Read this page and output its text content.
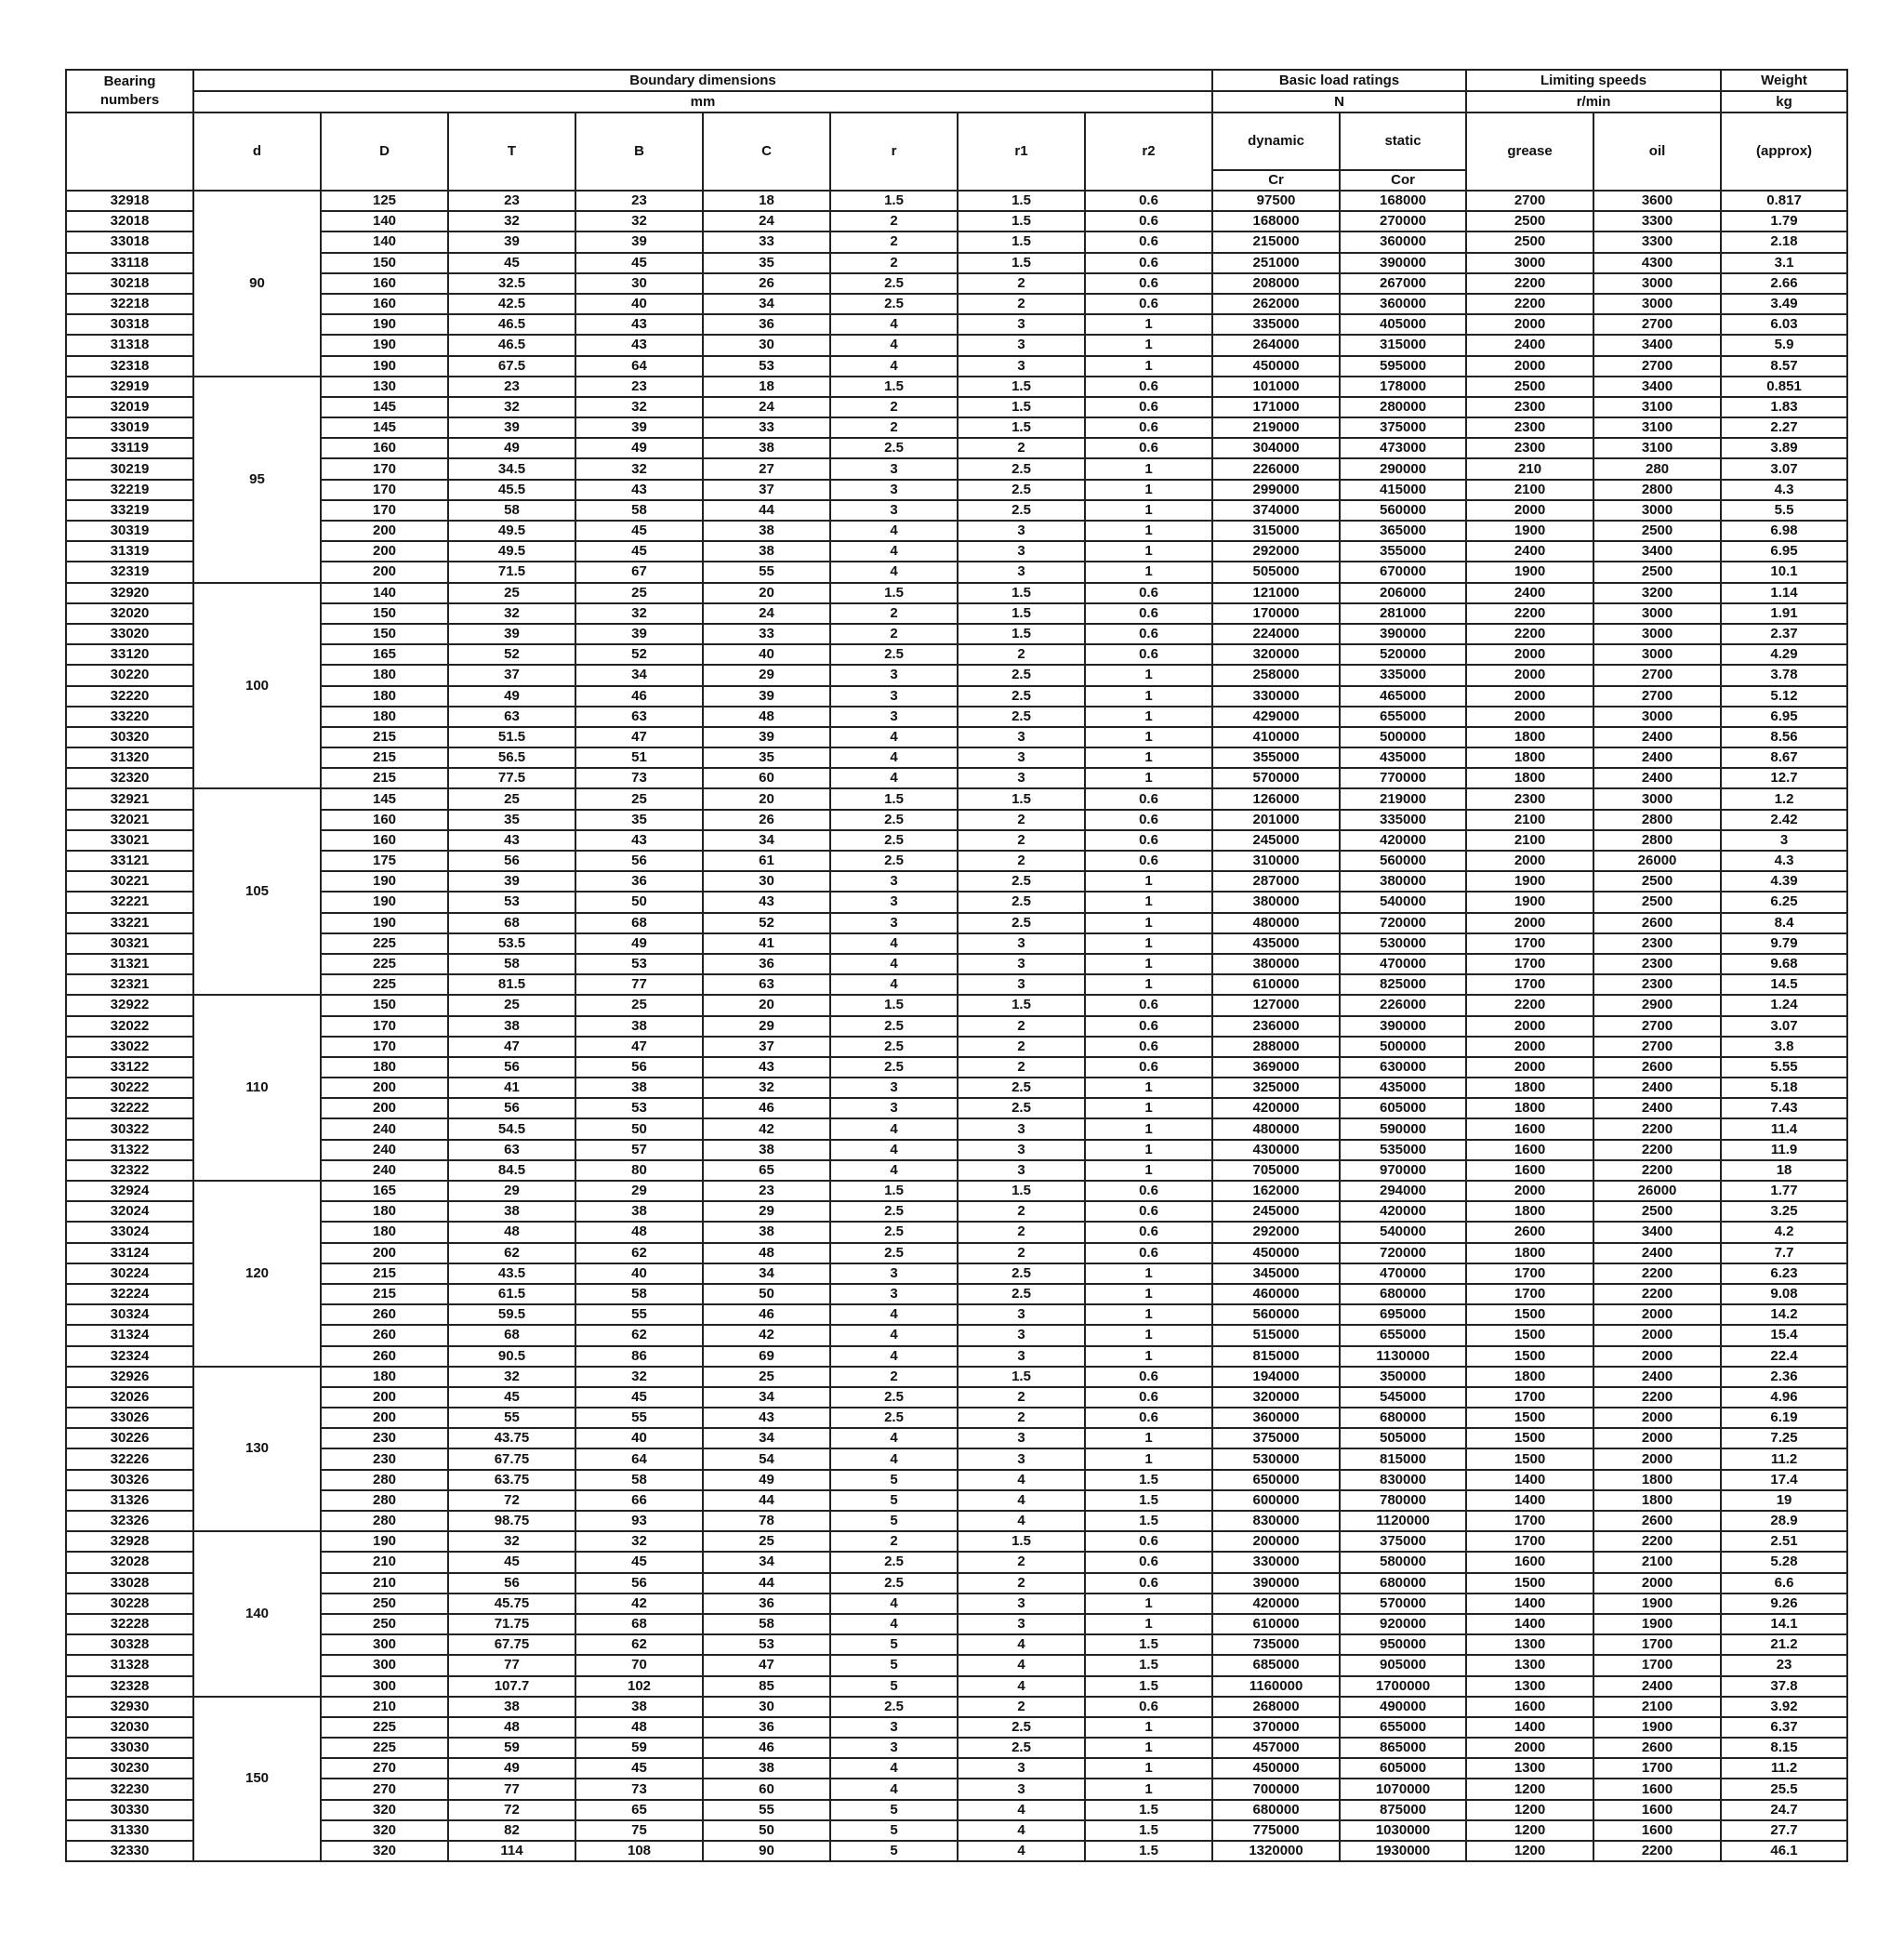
Bearing
numbers	Boundary dimensions								Basic load ratings		Limiting speeds		Weight
	mm								N		r/min		kg
	d	D	T	B	C	r	r1	r2	dynamic	static	grease	oil	(approx)
									Cr	Cor			
32918	90	125	23	23	18	1.5	1.5	0.6	97500	168000	2700	3600	0.817
32018		140	32	32	24	2	1.5	0.6	168000	270000	2500	3300	1.79
33018		140	39	39	33	2	1.5	0.6	215000	360000	2500	3300	2.18
33118		150	45	45	35	2	1.5	0.6	251000	390000	3000	4300	3.1
30218		160	32.5	30	26	2.5	2	0.6	208000	267000	2200	3000	2.66
32218		160	42.5	40	34	2.5	2	0.6	262000	360000	2200	3000	3.49
30318		190	46.5	43	36	4	3	1	335000	405000	2000	2700	6.03
31318		190	46.5	43	30	4	3	1	264000	315000	2400	3400	5.9
32318		190	67.5	64	53	4	3	1	450000	595000	2000	2700	8.57
32919	95	130	23	23	18	1.5	1.5	0.6	101000	178000	2500	3400	0.851
32019		145	32	32	24	2	1.5	0.6	171000	280000	2300	3100	1.83
33019		145	39	39	33	2	1.5	0.6	219000	375000	2300	3100	2.27
33119		160	49	49	38	2.5	2	0.6	304000	473000	2300	3100	3.89
30219		170	34.5	32	27	3	2.5	1	226000	290000	210	280	3.07
32219		170	45.5	43	37	3	2.5	1	299000	415000	2100	2800	4.3
33219		170	58	58	44	3	2.5	1	374000	560000	2000	3000	5.5
30319		200	49.5	45	38	4	3	1	315000	365000	1900	2500	6.98
31319		200	49.5	45	38	4	3	1	292000	355000	2400	3400	6.95
32319		200	71.5	67	55	4	3	1	505000	670000	1900	2500	10.1
32920	100	140	25	25	20	1.5	1.5	0.6	121000	206000	2400	3200	1.14
32020		150	32	32	24	2	1.5	0.6	170000	281000	2200	3000	1.91
33020		150	39	39	33	2	1.5	0.6	224000	390000	2200	3000	2.37
33120		165	52	52	40	2.5	2	0.6	320000	520000	2000	3000	4.29
30220		180	37	34	29	3	2.5	1	258000	335000	2000	2700	3.78
32220		180	49	46	39	3	2.5	1	330000	465000	2000	2700	5.12
33220		180	63	63	48	3	2.5	1	429000	655000	2000	3000	6.95
30320		215	51.5	47	39	4	3	1	410000	500000	1800	2400	8.56
31320		215	56.5	51	35	4	3	1	355000	435000	1800	2400	8.67
32320		215	77.5	73	60	4	3	1	570000	770000	1800	2400	12.7
32921	105	145	25	25	20	1.5	1.5	0.6	126000	219000	2300	3000	1.2
32021		160	35	35	26	2.5	2	0.6	201000	335000	2100	2800	2.42
33021		160	43	43	34	2.5	2	0.6	245000	420000	2100	2800	3
33121		175	56	56	61	2.5	2	0.6	310000	560000	2000	26000	4.3
30221		190	39	36	30	3	2.5	1	287000	380000	1900	2500	4.39
32221		190	53	50	43	3	2.5	1	380000	540000	1900	2500	6.25
33221		190	68	68	52	3	2.5	1	480000	720000	2000	2600	8.4
30321		225	53.5	49	41	4	3	1	435000	530000	1700	2300	9.79
31321		225	58	53	36	4	3	1	380000	470000	1700	2300	9.68
32321		225	81.5	77	63	4	3	1	610000	825000	1700	2300	14.5
32922	110	150	25	25	20	1.5	1.5	0.6	127000	226000	2200	2900	1.24
32022		170	38	38	29	2.5	2	0.6	236000	390000	2000	2700	3.07
33022		170	47	47	37	2.5	2	0.6	288000	500000	2000	2700	3.8
33122		180	56	56	43	2.5	2	0.6	369000	630000	2000	2600	5.55
30222		200	41	38	32	3	2.5	1	325000	435000	1800	2400	5.18
32222		200	56	53	46	3	2.5	1	420000	605000	1800	2400	7.43
30322		240	54.5	50	42	4	3	1	480000	590000	1600	2200	11.4
31322		240	63	57	38	4	3	1	430000	535000	1600	2200	11.9
32322		240	84.5	80	65	4	3	1	705000	970000	1600	2200	18
32924	120	165	29	29	23	1.5	1.5	0.6	162000	294000	2000	26000	1.77
32024		180	38	38	29	2.5	2	0.6	245000	420000	1800	2500	3.25
33024		180	48	48	38	2.5	2	0.6	292000	540000	2600	3400	4.2
33124		200	62	62	48	2.5	2	0.6	450000	720000	1800	2400	7.7
30224		215	43.5	40	34	3	2.5	1	345000	470000	1700	2200	6.23
32224		215	61.5	58	50	3	2.5	1	460000	680000	1700	2200	9.08
30324		260	59.5	55	46	4	3	1	560000	695000	1500	2000	14.2
31324		260	68	62	42	4	3	1	515000	655000	1500	2000	15.4
32324		260	90.5	86	69	4	3	1	815000	1130000	1500	2000	22.4
32926	130	180	32	32	25	2	1.5	0.6	194000	350000	1800	2400	2.36
32026		200	45	45	34	2.5	2	0.6	320000	545000	1700	2200	4.96
33026		200	55	55	43	2.5	2	0.6	360000	680000	1500	2000	6.19
30226		230	43.75	40	34	4	3	1	375000	505000	1500	2000	7.25
32226		230	67.75	64	54	4	3	1	530000	815000	1500	2000	11.2
30326		280	63.75	58	49	5	4	1.5	650000	830000	1400	1800	17.4
31326		280	72	66	44	5	4	1.5	600000	780000	1400	1800	19
32326		280	98.75	93	78	5	4	1.5	830000	1120000	1700	2600	28.9
32928	140	190	32	32	25	2	1.5	0.6	200000	375000	1700	2200	2.51
32028		210	45	45	34	2.5	2	0.6	330000	580000	1600	2100	5.28
33028		210	56	56	44	2.5	2	0.6	390000	680000	1500	2000	6.6
30228		250	45.75	42	36	4	3	1	420000	570000	1400	1900	9.26
32228		250	71.75	68	58	4	3	1	610000	920000	1400	1900	14.1
30328		300	67.75	62	53	5	4	1.5	735000	950000	1300	1700	21.2
31328		300	77	70	47	5	4	1.5	685000	905000	1300	1700	23
32328		300	107.7	102	85	5	4	1.5	1160000	1700000	1300	2400	37.8
32930	150	210	38	38	30	2.5	2	0.6	268000	490000	1600	2100	3.92
32030		225	48	48	36	3	2.5	1	370000	655000	1400	1900	6.37
33030		225	59	59	46	3	2.5	1	457000	865000	2000	2600	8.15
30230		270	49	45	38	4	3	1	450000	605000	1300	1700	11.2
32230		270	77	73	60	4	3	1	700000	1070000	1200	1600	25.5
30330		320	72	65	55	5	4	1.5	680000	875000	1200	1600	24.7
31330		320	82	75	50	5	4	1.5	775000	1030000	1200	1600	27.7
32330		320	114	108	90	5	4	1.5	1320000	1930000	1200	2200	46.1
